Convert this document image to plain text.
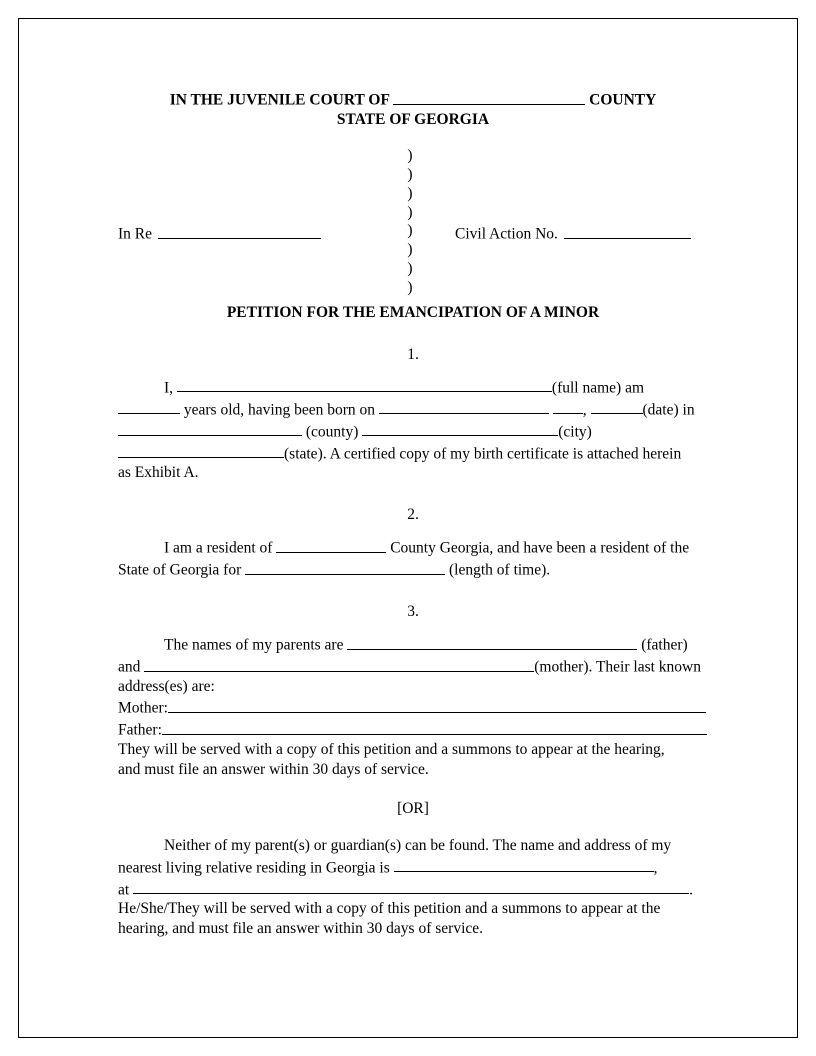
IN THE JUVENILE COURT OF	COUNTY
STATE OF GEORGIA
)
)
)
)
)
)
)
)
In Re	Civil Action No.
PETITION FOR THE EMANCIPATION OF A MINOR
1.

I,	(full name) am
years old, having been born on	,	(date) in
(county)	(city)
(state). A certified copy of my birth certificate is attached herein
as Exhibit A.

2.

I am a resident of	County Georgia, and have been a resident of the
State of Georgia for	(length of time).

3.

The names of my parents are	(father)
and	(mother). Their last known
address(es) are:
Mother:
Father:
They will be served with a copy of this petition and a summons to appear at the hearing,
and must file an answer within 30 days of service.

[OR]

Neither of my parent(s) or guardian(s) can be found. The name and address of my
nearest living relative residing in Georgia is	,
at	.
He/She/They will be served with a copy of this petition and a summons to appear at the
hearing, and must file an answer within 30 days of service.
